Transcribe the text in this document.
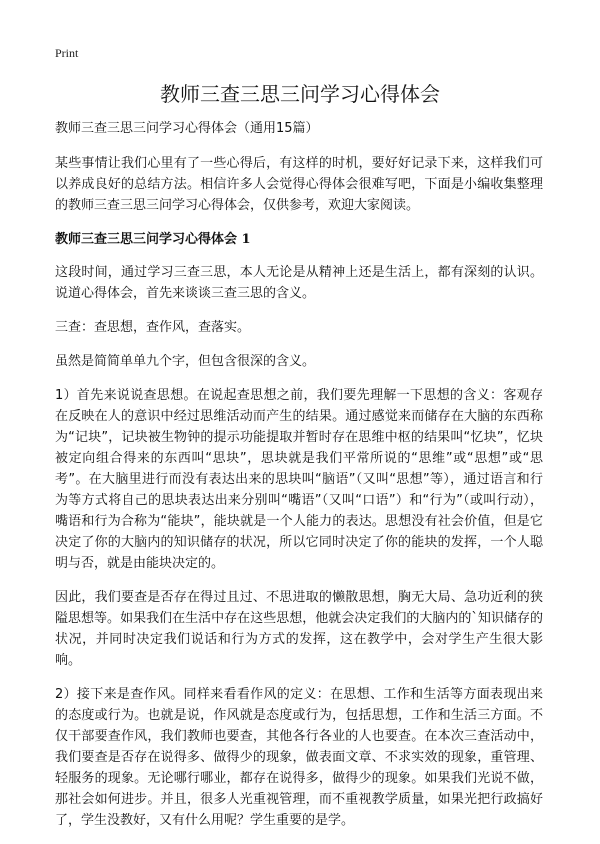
Print
教师三查三思三问学习心得体会

教师三查三思三问学习心得体会（通用15篇）

某些事情让我们心里有了一些心得后，有这样的时机，要好好记录下来，这样我们可以养成良好的总结方法。相信许多人会觉得心得体会很难写吧，下面是小编收集整理的教师三查三思三问学习心得体会，仅供参考，欢迎大家阅读。

教师三查三思三问学习心得体会 1

这段时间，通过学习三查三思，本人无论是从精神上还是生活上，都有深刻的认识。说道心得体会，首先来谈谈三查三思的含义。

三查：查思想，查作风，查落实。

虽然是简简单单九个字，但包含很深的含义。

1）首先来说说查思想。在说起查思想之前，我们要先理解一下思想的含义：客观存在反映在人的意识中经过思维活动而产生的结果。通过感觉来而储存在大脑的东西称为“记块”，记块被生物钟的提示功能提取并暂时存在思维中枢的结果叫“忆块”，忆块被定向组合得来的东西叫“思块”，思块就是我们平常所说的“思维”或“思想”或“思考”。在大脑里进行而没有表达出来的思块叫“脑语”（又叫“思想”等），通过语言和行为等方式将自己的思块表达出来分别叫“嘴语”（又叫“口语”）和“行为”（或叫行动），嘴语和行为合称为“能块”，能块就是一个人能力的表达。思想没有社会价值，但是它决定了你的大脑内的知识储存的状况，所以它同时决定了你的能块的发挥，一个人聪明与否，就是由能块决定的。

因此，我们要查是否存在得过且过、不思进取的懒散思想，胸无大局、急功近利的狭隘思想等。如果我们在生活中存在这些思想，他就会决定我们的大脑内的`知识储存的状况，并同时决定我们说话和行为方式的发挥，这在教学中，会对学生产生很大影响。

2）接下来是查作风。同样来看看作风的定义：在思想、工作和生活等方面表现出来的态度或行为。也就是说，作风就是态度或行为，包括思想，工作和生活三方面。不仅干部要查作风，我们教师也要查，其他各行各业的人也要查。在本次三查活动中，我们要查是否存在说得多、做得少的现象，做表面文章、不求实效的现象，重管理、轻服务的现象。无论哪行哪业，都存在说得多，做得少的现象。如果我们光说不做，那社会如何进步。并且，很多人光重视管理，而不重视教学质量，如果光把行政搞好了，学生没教好，又有什么用呢？学生重要的是学。
